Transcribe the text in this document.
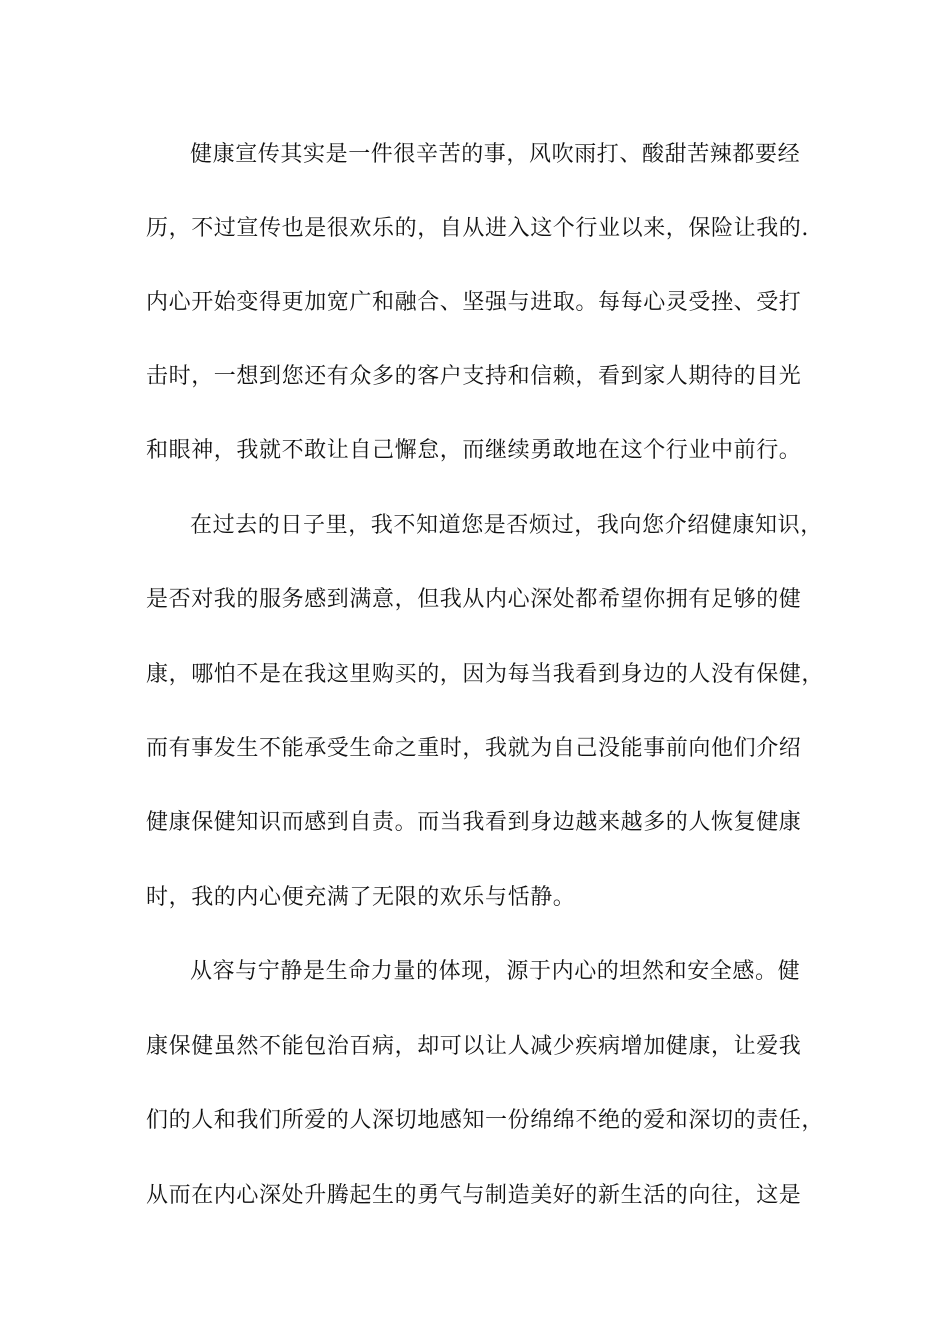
健康宣传其实是一件很辛苦的事，风吹雨打、酸甜苦辣都要经
历，不过宣传也是很欢乐的，自从进入这个行业以来，保险让我的.
内心开始变得更加宽广和融合、坚强与进取。每每心灵受挫、受打
击时，一想到您还有众多的客户支持和信赖，看到家人期待的目光
和眼神，我就不敢让自己懈怠，而继续勇敢地在这个行业中前行。
在过去的日子里，我不知道您是否烦过，我向您介绍健康知识，
是否对我的服务感到满意，但我从内心深处都希望你拥有足够的健
康，哪怕不是在我这里购买的，因为每当我看到身边的人没有保健，
而有事发生不能承受生命之重时，我就为自己没能事前向他们介绍
健康保健知识而感到自责。而当我看到身边越来越多的人恢复健康
时，我的内心便充满了无限的欢乐与恬静。
从容与宁静是生命力量的体现，源于内心的坦然和安全感。健
康保健虽然不能包治百病，却可以让人减少疾病增加健康，让爱我
们的人和我们所爱的人深切地感知一份绵绵不绝的爱和深切的责任，
从而在内心深处升腾起生的勇气与制造美好的新生活的向往，这是
